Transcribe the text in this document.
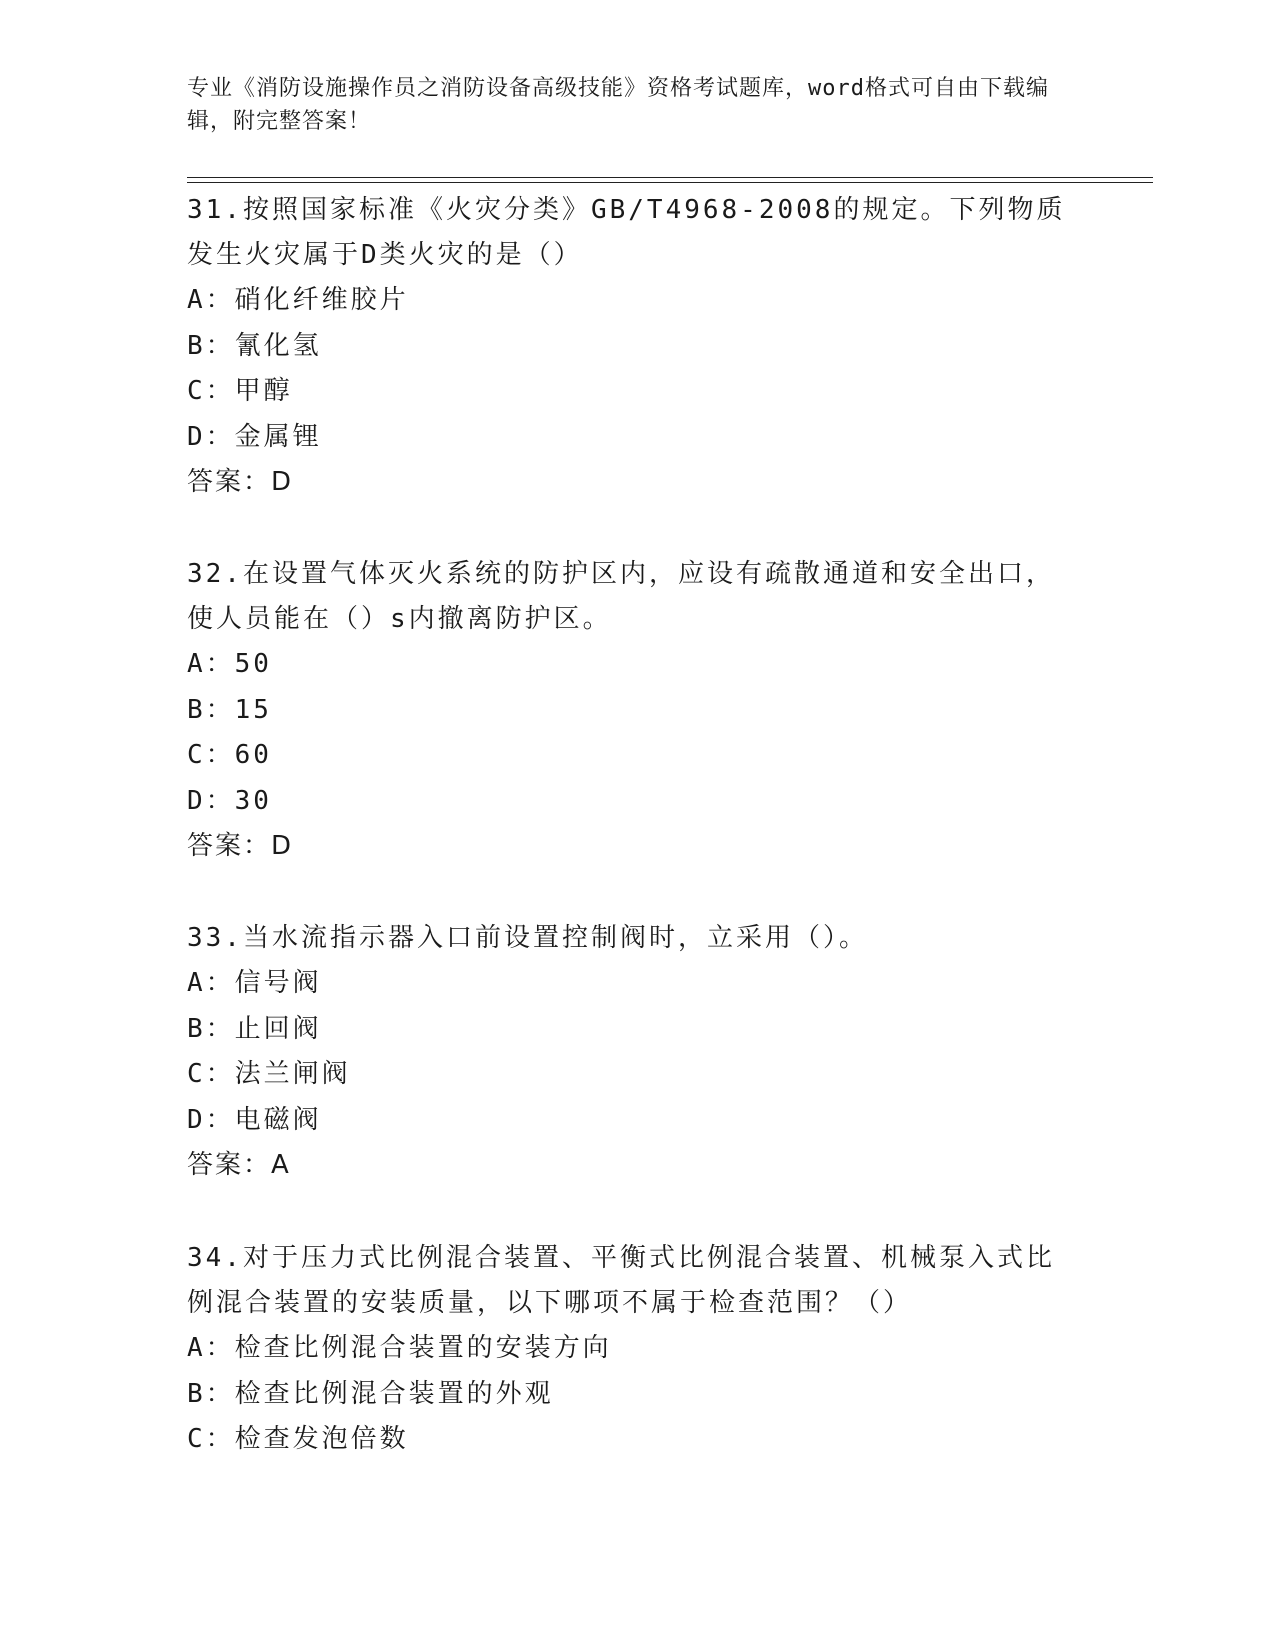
专业《消防设施操作员之消防设备高级技能》资格考试题库，word格式可自由下载编辑，附完整答案！

31.按照国家标准《火灾分类》GB/T4968-2008的规定。下列物质发生火灾属于D类火灾的是（）

A： 硝化纤维胶片

B： 氰化氢

C： 甲醇

D： 金属锂

答案：D

32.在设置气体灭火系统的防护区内，应设有疏散通道和安全出口，使人员能在（）s内撤离防护区。

A： 50

B： 15

C： 60

D： 30

答案：D

33.当水流指示器入口前设置控制阀时，立采用（）。

A： 信号阀

B： 止回阀

C： 法兰闸阀

D： 电磁阀

答案：A

34.对于压力式比例混合装置、平衡式比例混合装置、机械泵入式比例混合装置的安装质量，以下哪项不属于检查范围？（）

A： 检查比例混合装置的安装方向

B： 检查比例混合装置的外观

C： 检查发泡倍数
